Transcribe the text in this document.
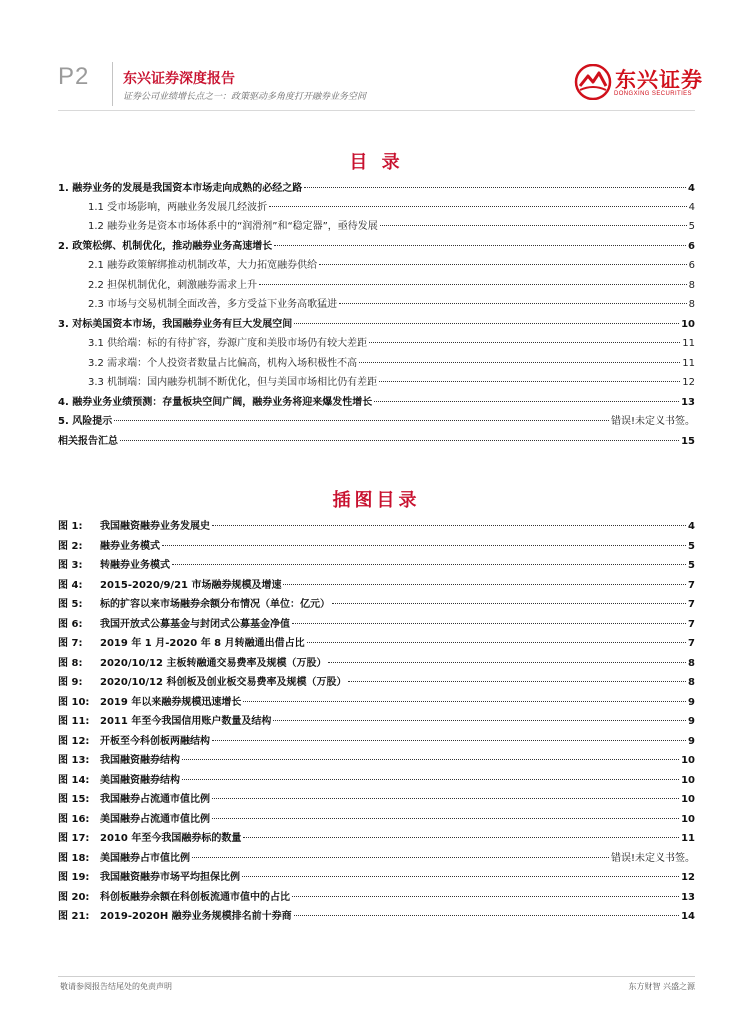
P2 东兴证券深度报告
证券公司业绩增长点之一：政策驱动多角度打开融券业务空间
东兴证券
DONGXING SECURITIES
目 录
1. 融券业务的发展是我国资本市场走向成熟的必经之路	4
1.1 受市场影响，两融业务发展几经波折	4
1.2 融券业务是资本市场体系中的“润滑剂”和“稳定器”，亟待发展	5
2. 政策松绑、机制优化，推动融券业务高速增长	6
2.1 融券政策解绑推动机制改革，大力拓宽融券供给	6
2.2 担保机制优化，刺激融券需求上升	8
2.3 市场与交易机制全面改善，多方受益下业务高歌猛进	8
3. 对标美国资本市场，我国融券业务有巨大发展空间	10
3.1 供给端：标的有待扩容，券源广度和美股市场仍有较大差距	11
3.2 需求端：个人投资者数量占比偏高，机构入场积极性不高	11
3.3 机制端：国内融券机制不断优化，但与美国市场相比仍有差距	12
4. 融券业务业绩预测：存量板块空间广阔，融券业务将迎来爆发性增长	13
5. 风险提示	错误!未定义书签。
相关报告汇总	15
插图目录
图 1: 我国融资融券业务发展史	4
图 2: 融券业务模式	5
图 3: 转融券业务模式	5
图 4: 2015-2020/9/21 市场融券规模及增速	7
图 5: 标的扩容以来市场融券余额分布情况（单位：亿元）	7
图 6: 我国开放式公募基金与封闭式公募基金净值	7
图 7: 2019 年 1 月-2020 年 8 月转融通出借占比	7
图 8: 2020/10/12 主板转融通交易费率及规模（万股）	8
图 9: 2020/10/12 科创板及创业板交易费率及规模（万股）	8
图 10: 2019 年以来融券规模迅速增长	9
图 11: 2011 年至今我国信用账户数量及结构	9
图 12: 开板至今科创板两融结构	9
图 13: 我国融资融券结构	10
图 14: 美国融资融券结构	10
图 15: 我国融券占流通市值比例	10
图 16: 美国融券占流通市值比例	10
图 17: 2010 年至今我国融券标的数量	11
图 18: 美国融券占市值比例	错误!未定义书签。
图 19: 我国融资融券市场平均担保比例	12
图 20: 科创板融券余额在科创板流通市值中的占比	13
图 21: 2019-2020H 融券业务规模排名前十券商	14
敬请参阅报告结尾处的免责声明	东方财智 兴盛之源
